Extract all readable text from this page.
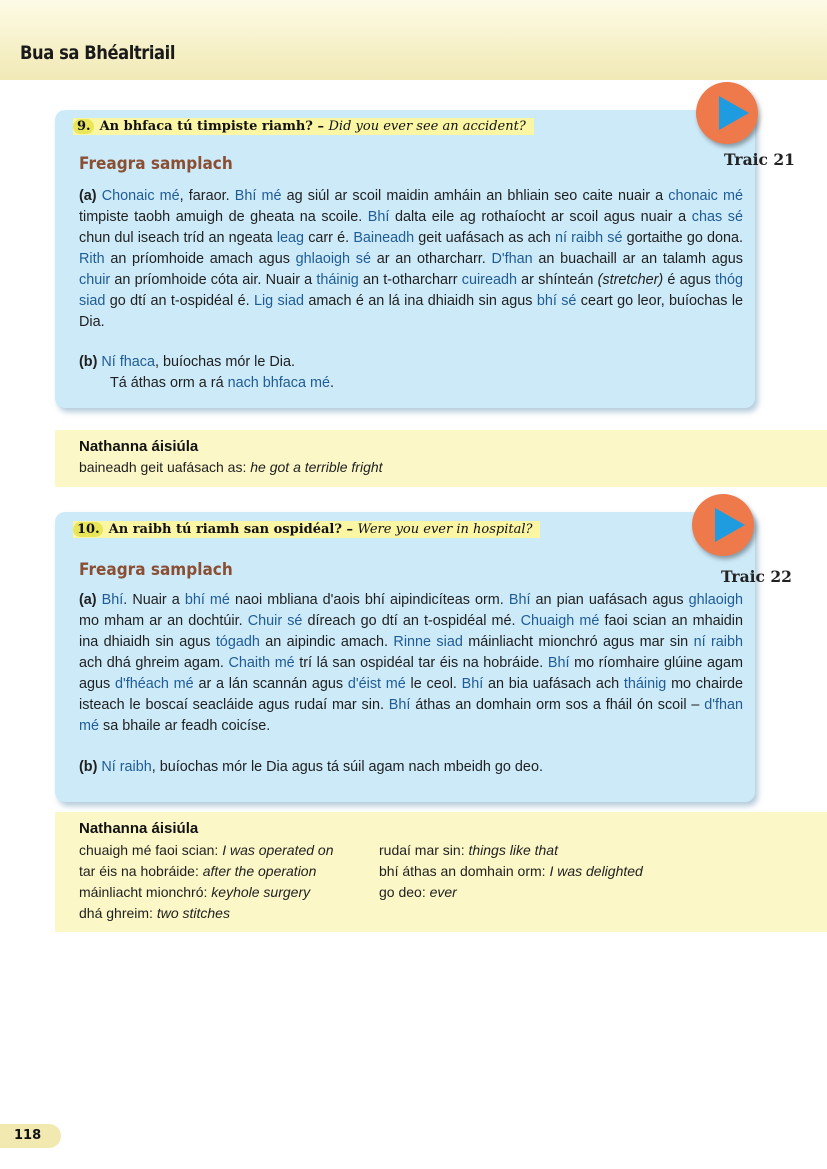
Bua sa Bhéaltriail
9. An bhfaca tú timpiste riamh? – Did you ever see an accident?
Freagra samplach
(a) Chonaic mé, faraor. Bhí mé ag siúl ar scoil maidin amháin an bhliain seo caite nuair a chonaic mé timpiste taobh amuigh de gheata na scoile. Bhí dalta eile ag rothaíocht ar scoil agus nuair a chas sé chun dul iseach tríd an ngeata leag carr é. Baineadh geit uafásach as ach ní raibh sé gortaithe go dona. Rith an príomhoide amach agus ghlaoigh sé ar an otharcharr. D'fhan an buachaill ar an talamh agus chuir an príomhoide cóta air. Nuair a tháinig an t-otharcharr cuireadh ar shínteán (stretcher) é agus thóg siad go dtí an t-ospidéal é. Lig siad amach é an lá ina dhiaidh sin agus bhí sé ceart go leor, buíochas le Dia.
(b) Ní fhaca, buíochas mór le Dia.
Tá áthas orm a rá nach bhfaca mé.
Traic 21
Nathanna áisiúla
baineadh geit uafásach as: he got a terrible fright
10. An raibh tú riamh san ospidéal? – Were you ever in hospital?
Freagra samplach
(a) Bhí. Nuair a bhí mé naoi mbliana d'aois bhí aipindicíteas orm. Bhí an pian uafásach agus ghlaoigh mo mham ar an dochtúir. Chuir sé díreach go dtí an t-ospidéal mé. Chuaigh mé faoi scian an mhaidin ina dhiaidh sin agus tógadh an aipindic amach. Rinne siad máinliacht mionchró agus mar sin ní raibh ach dhá ghreim agam. Chaith mé trí lá san ospidéal tar éis na hobráide. Bhí mo ríomhaire glúine agam agus d'fhéach mé ar a lán scannán agus d'éist mé le ceol. Bhí an bia uafásach ach tháinig mo chairde isteach le boscaí seacláide agus rudaí mar sin. Bhí áthas an domhain orm sos a fháil ón scoil – d'fhan mé sa bhaile ar feadh coicíse.
(b) Ní raibh, buíochas mór le Dia agus tá súil agam nach mbeidh go deo.
Traic 22
Nathanna áisiúla
chuaigh mé faoi scian: I was operated on
tar éis na hobráide: after the operation
máinliacht mionchró: keyhole surgery
dhá ghreim: two stitches
rudaí mar sin: things like that
bhí áthas an domhain orm: I was delighted
go deo: ever
118
